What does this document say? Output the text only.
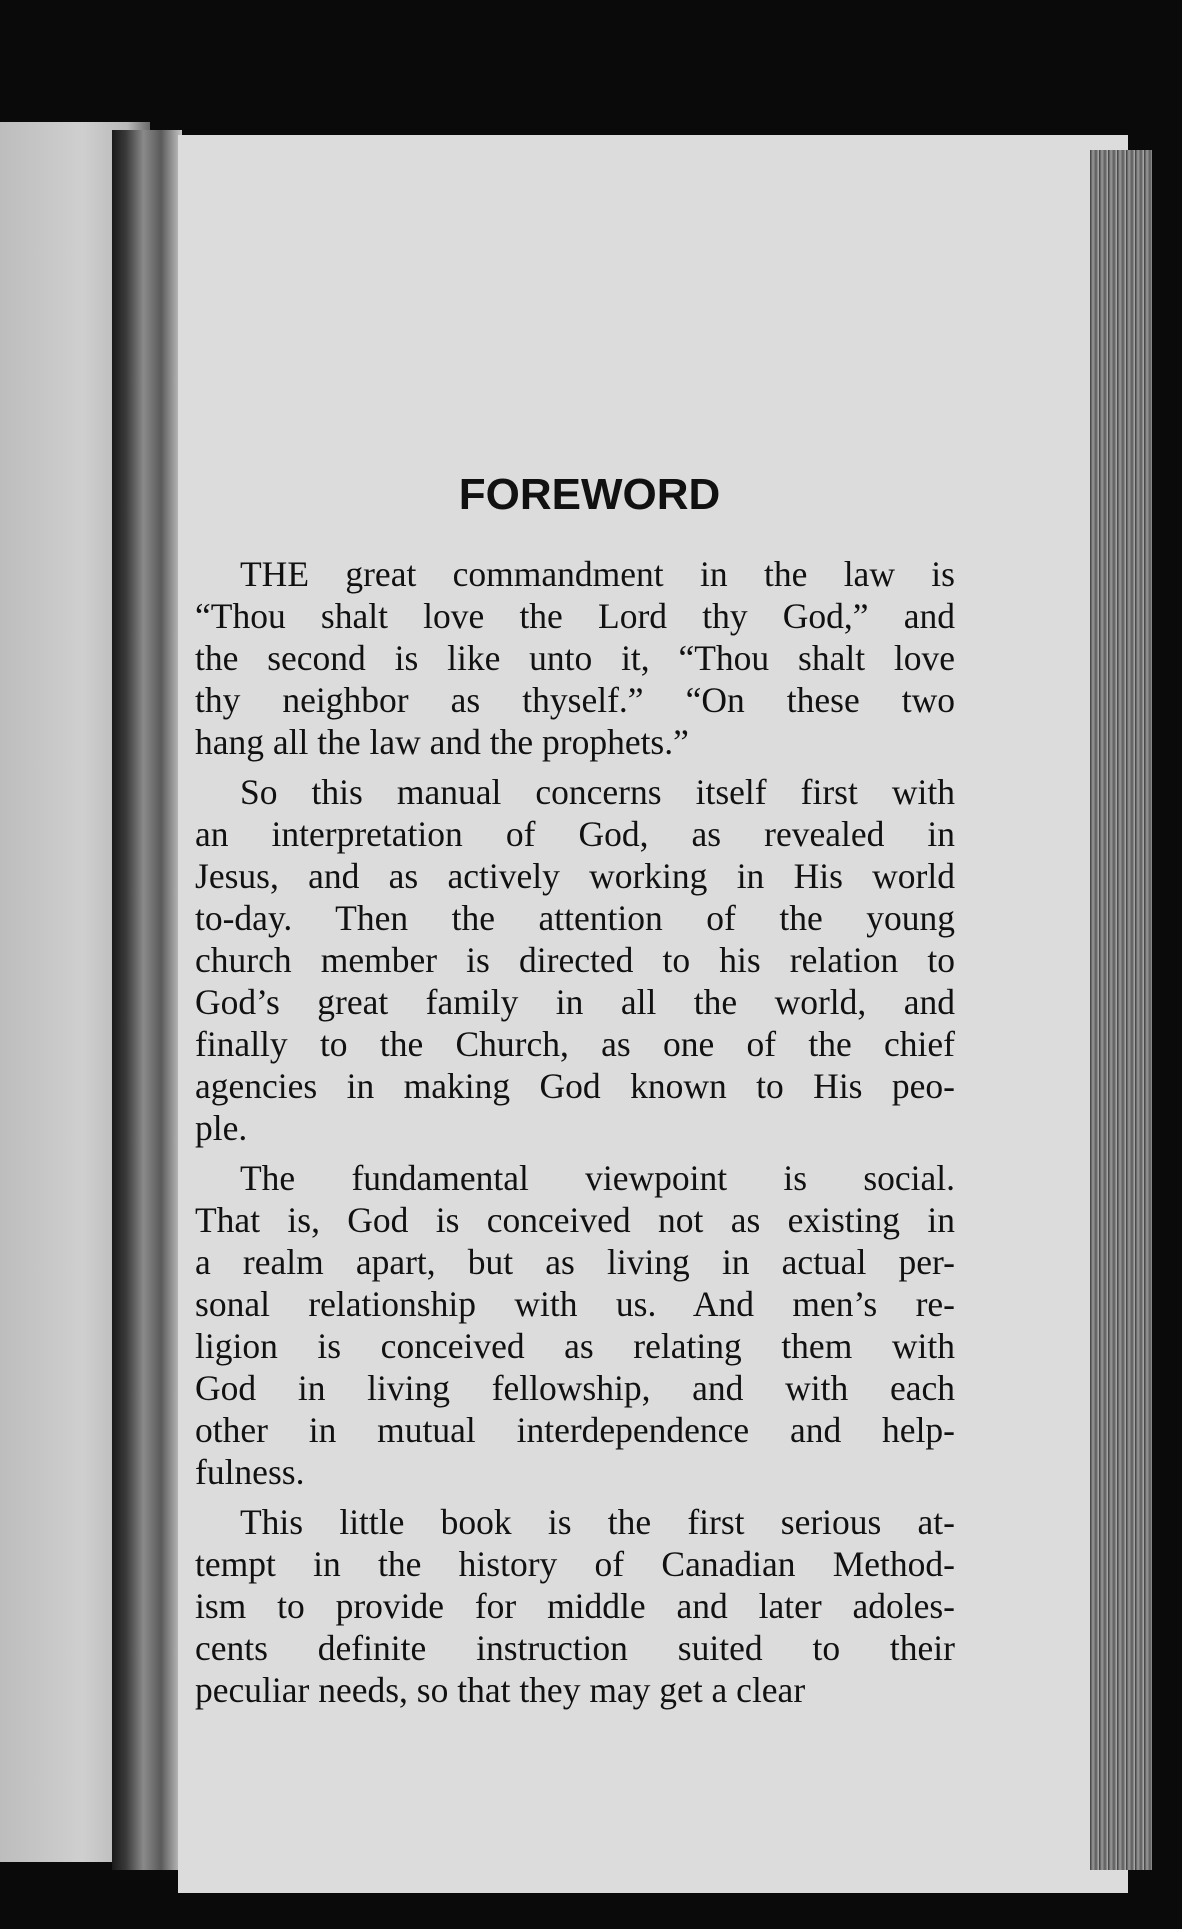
FOREWORD
THE great commandment in the law is
“Thou shalt love the Lord thy God,” and
the second is like unto it, “Thou shalt love
thy neighbor as thyself.” “On these two
hang all the law and the prophets.”
So this manual concerns itself first with
an interpretation of God, as revealed in
Jesus, and as actively working in His world
to-day. Then the attention of the young
church member is directed to his relation to
God’s great family in all the world, and
finally to the Church, as one of the chief
agencies in making God known to His peo-
ple.
The fundamental viewpoint is social.
That is, God is conceived not as existing in
a realm apart, but as living in actual per-
sonal relationship with us. And men’s re-
ligion is conceived as relating them with
God in living fellowship, and with each
other in mutual interdependence and help-
fulness.
This little book is the first serious at-
tempt in the history of Canadian Method-
ism to provide for middle and later adoles-
cents definite instruction suited to their
peculiar needs, so that they may get a clear
